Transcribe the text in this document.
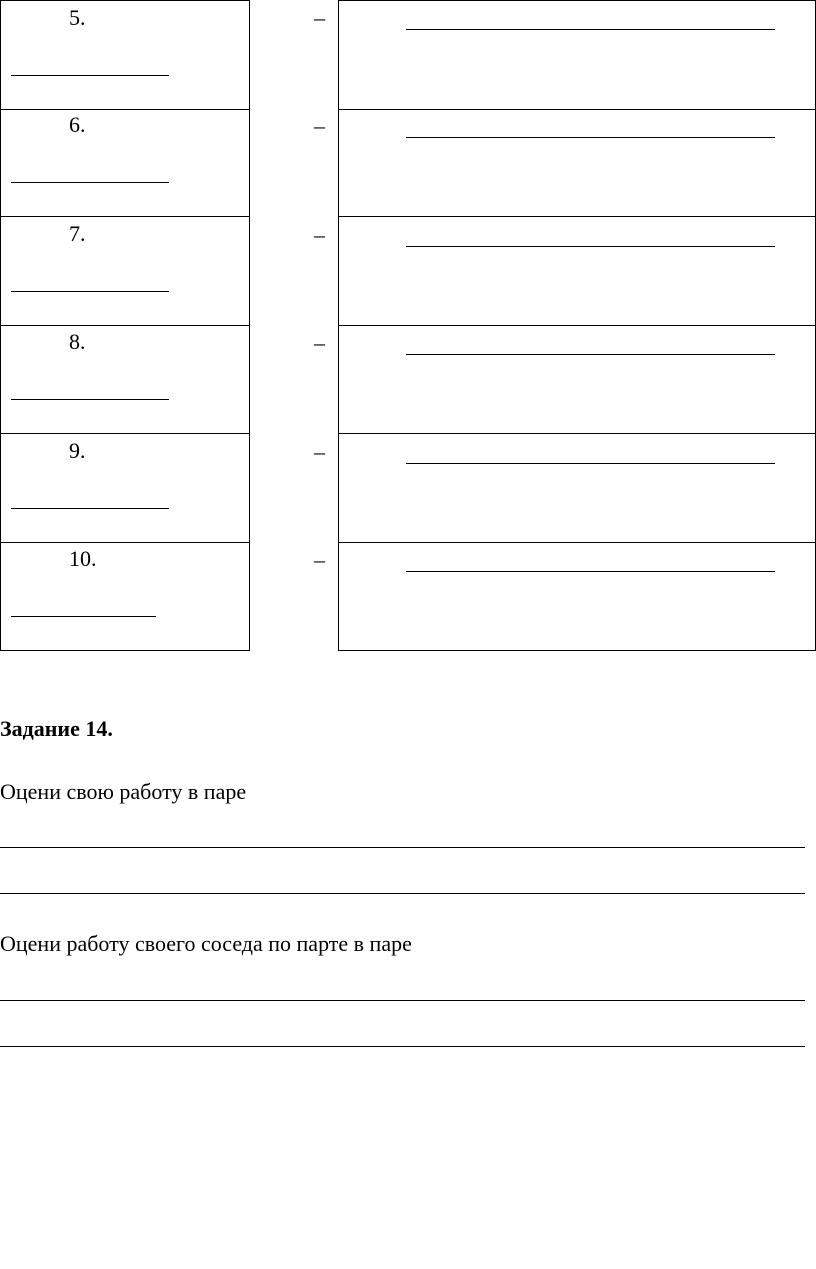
5.	–
6.	–
7.	–
8.	–
9.	–
10.	–
Задание 14.
Оцени свою работу в паре
Оцени работу своего соседа по парте в паре
